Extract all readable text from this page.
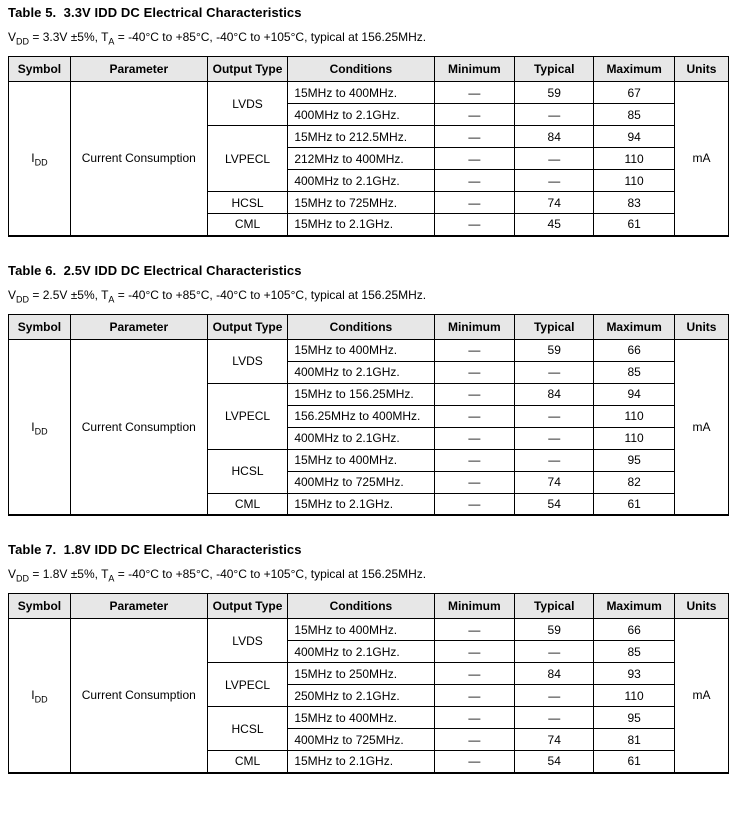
Table 5.  3.3V IDD DC Electrical Characteristics

$V_{DD} = 3.3V \pm 5\%$, $T_A = -40^\circ C$ to +85°C, -40°C to +105°C, typical at 156.25MHz.

Symbol	Parameter	Output Type	Conditions	Minimum	Typical	Maximum	Units
$I_{DD}$	Current Consumption	LVDS	15MHz to 400MHz.	—	59	67	mA
			400MHz to 2.1GHz.	—	—	85	
		LVPECL	15MHz to 212.5MHz.	—	84	94	
			212MHz to 400MHz.	—	—	110	
			400MHz to 2.1GHz.	—	—	110	
		HCSL	15MHz to 725MHz.	—	74	83	
		CML	15MHz to 2.1GHz.	—	45	61	
Table 6.  2.5V IDD DC Electrical Characteristics

$V_{DD} = 2.5V \pm 5\%$, $T_A = -40^\circ C$ to +85°C, -40°C to +105°C, typical at 156.25MHz.

Symbol	Parameter	Output Type	Conditions	Minimum	Typical	Maximum	Units
$I_{DD}$	Current Consumption	LVDS	15MHz to 400MHz.	—	59	66	mA
			400MHz to 2.1GHz.	—	—	85	
		LVPECL	15MHz to 156.25MHz.	—	84	94	
			156.25MHz to 400MHz.	—	—	110	
			400MHz to 2.1GHz.	—	—	110	
		HCSL	15MHz to 400MHz.	—	—	95	
			400MHz to 725MHz.	—	74	82	
		CML	15MHz to 2.1GHz.	—	54	61	
Table 7.  1.8V IDD DC Electrical Characteristics

$V_{DD} = 1.8V \pm 5\%$, $T_A = -40^\circ C$ to +85°C, -40°C to +105°C, typical at 156.25MHz.

Symbol	Parameter	Output Type	Conditions	Minimum	Typical	Maximum	Units
$I_{DD}$	Current Consumption	LVDS	15MHz to 400MHz.	—	59	66	mA
			400MHz to 2.1GHz.	—	—	85	
		LVPECL	15MHz to 250MHz.	—	84	93	
			250MHz to 2.1GHz.	—	—	110	
		HCSL	15MHz to 400MHz.	—	—	95	
			400MHz to 725MHz.	—	74	81	
		CML	15MHz to 2.1GHz.	—	54	61	
